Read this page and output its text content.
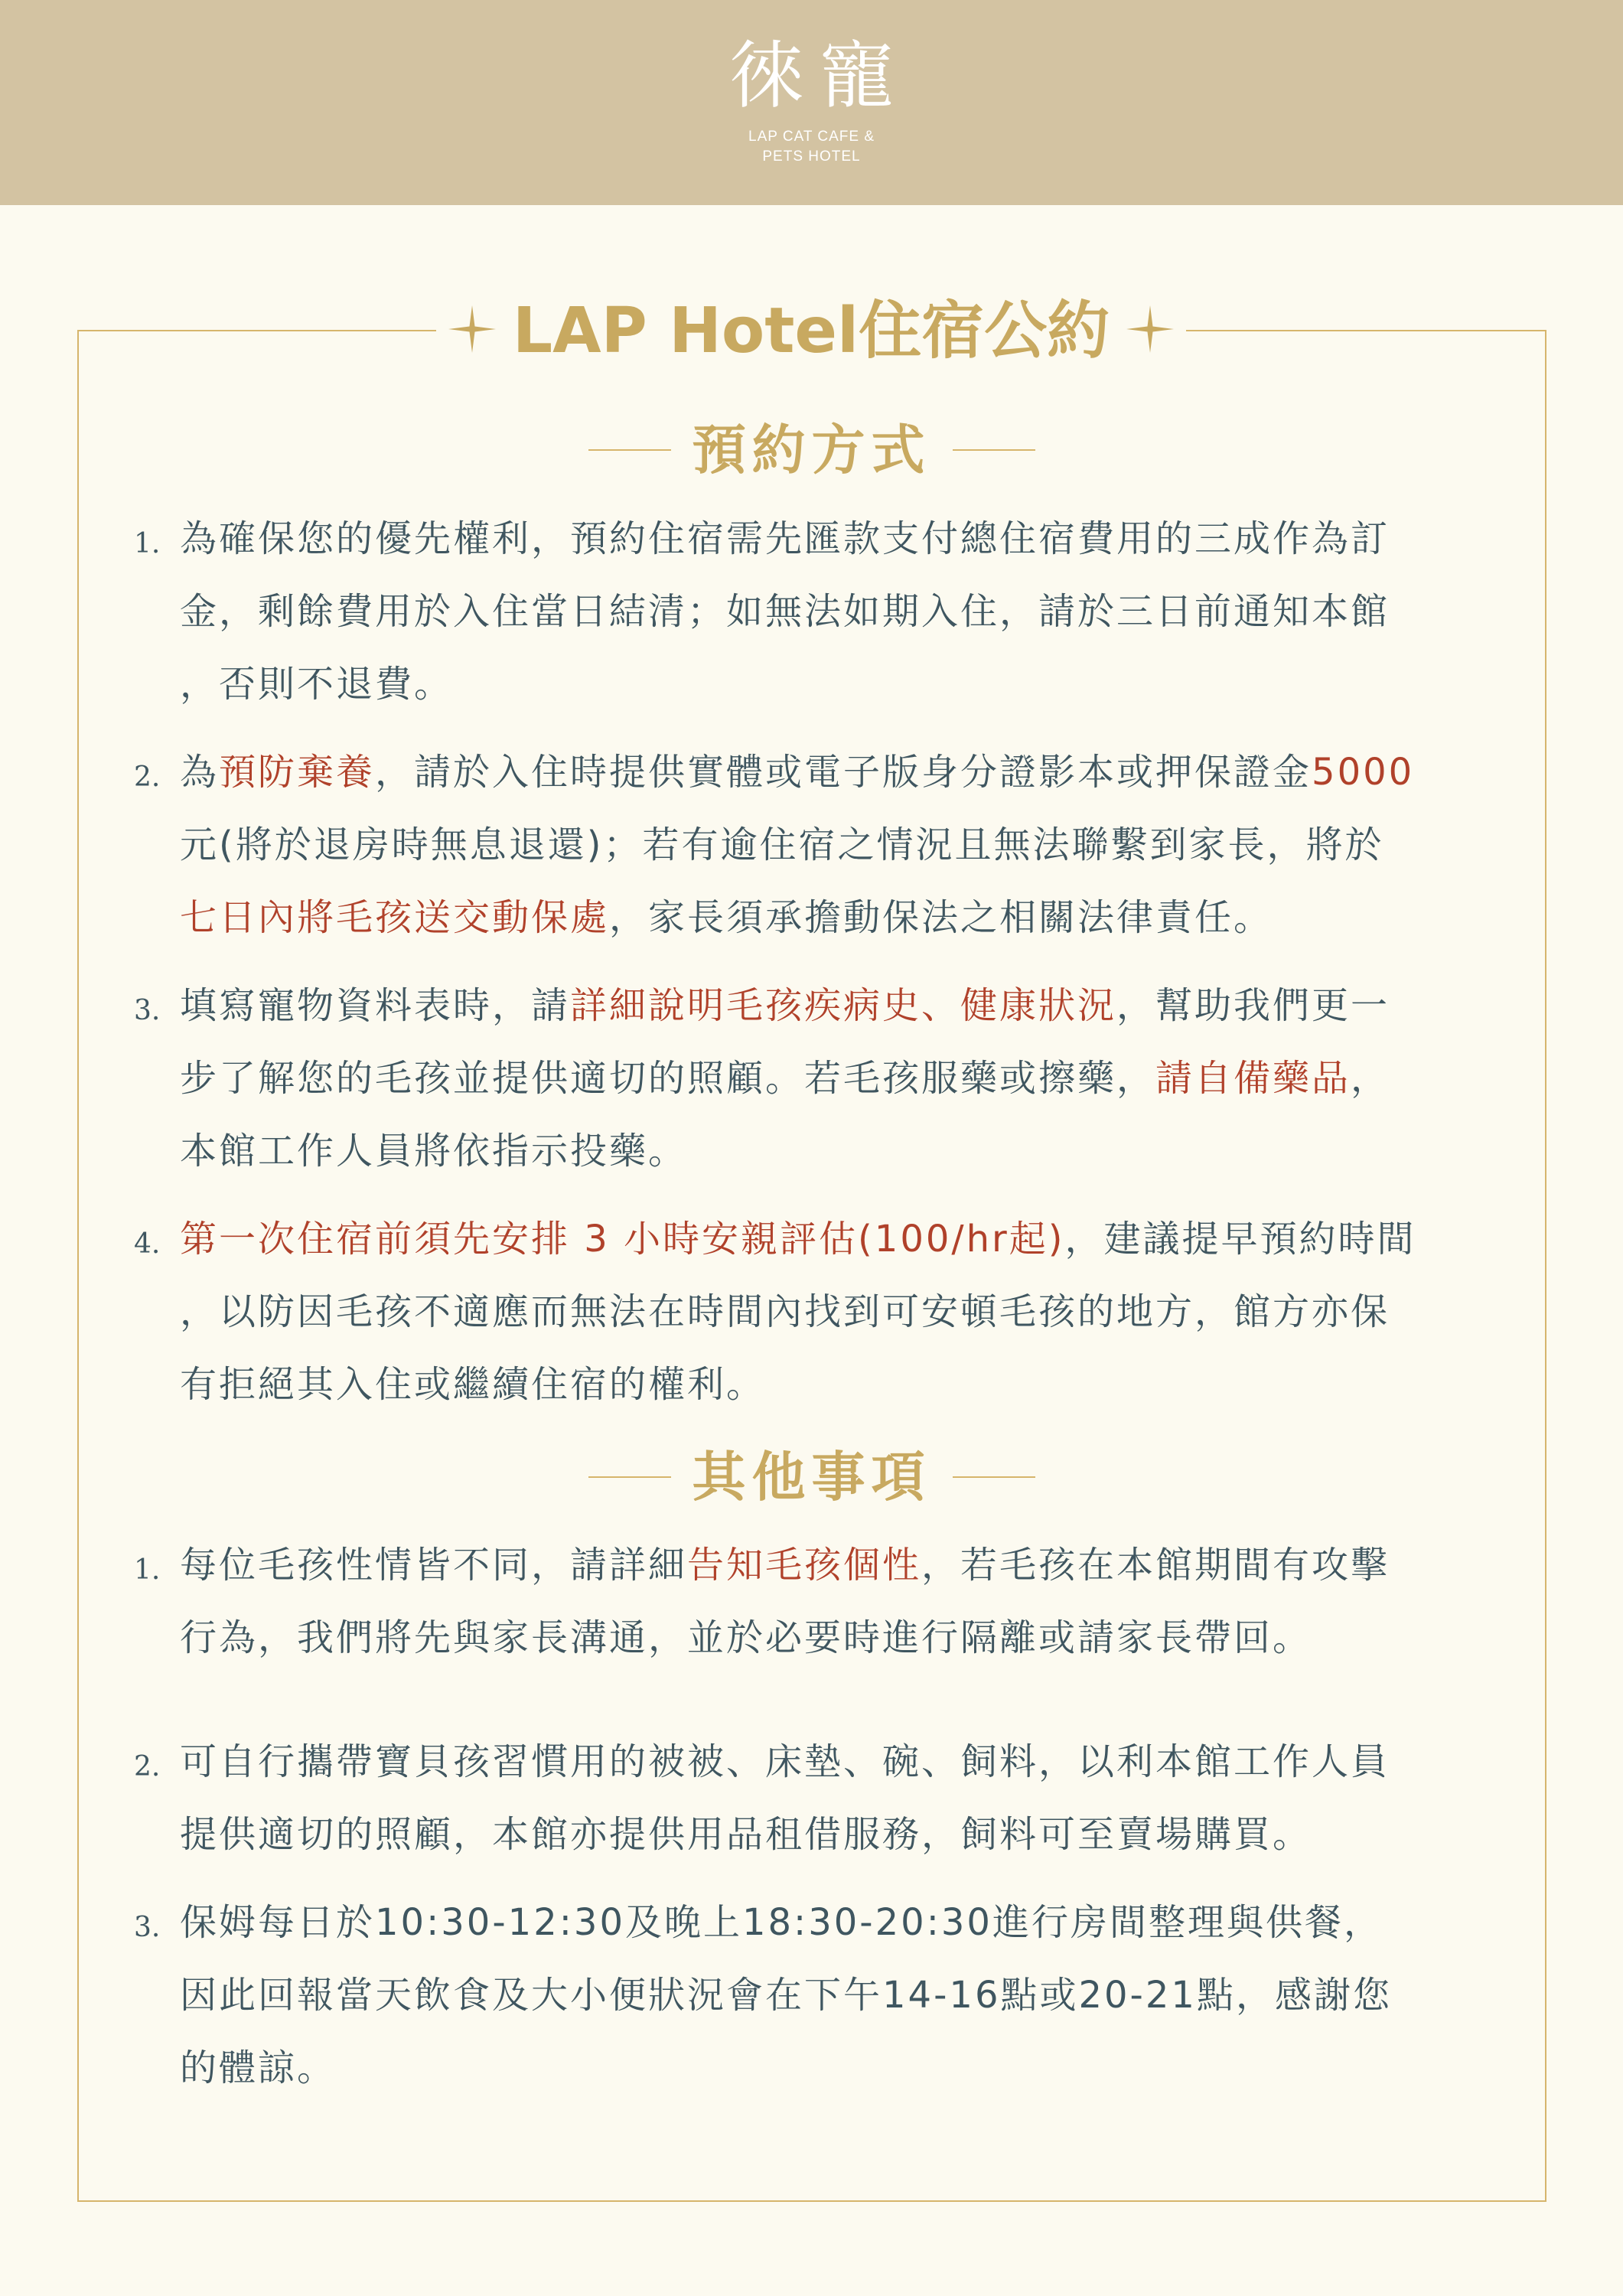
徠寵
LAP CAT CAFE &
PETS HOTEL
LAP Hotel住宿公約
預約方式
1. 為確保您的優先權利，預約住宿需先匯款支付總住宿費用的三成作為訂
金，剩餘費用於入住當日結清；如無法如期入住，請於三日前通知本館
，否則不退費。
2. 為預防棄養，請於入住時提供實體或電子版身分證影本或押保證金5000
元(將於退房時無息退還)；若有逾住宿之情況且無法聯繫到家長，將於
七日內將毛孩送交動保處，家長須承擔動保法之相關法律責任。
3. 填寫寵物資料表時，請詳細說明毛孩疾病史、健康狀況，幫助我們更一
步了解您的毛孩並提供適切的照顧。若毛孩服藥或擦藥，請自備藥品，
本館工作人員將依指示投藥。
4. 第一次住宿前須先安排 3 小時安親評估(100/hr起)，建議提早預約時間
，以防因毛孩不適應而無法在時間內找到可安頓毛孩的地方，館方亦保
有拒絕其入住或繼續住宿的權利。
其他事項
1. 每位毛孩性情皆不同，請詳細告知毛孩個性，若毛孩在本館期間有攻擊
行為，我們將先與家長溝通，並於必要時進行隔離或請家長帶回。
2. 可自行攜帶寶貝孩習慣用的被被、床墊、碗、飼料，以利本館工作人員
提供適切的照顧，本館亦提供用品租借服務，飼料可至賣場購買。
3. 保姆每日於10:30-12:30及晚上18:30-20:30進行房間整理與供餐，
因此回報當天飲食及大小便狀況會在下午14-16點或20-21點，感謝您
的體諒。
